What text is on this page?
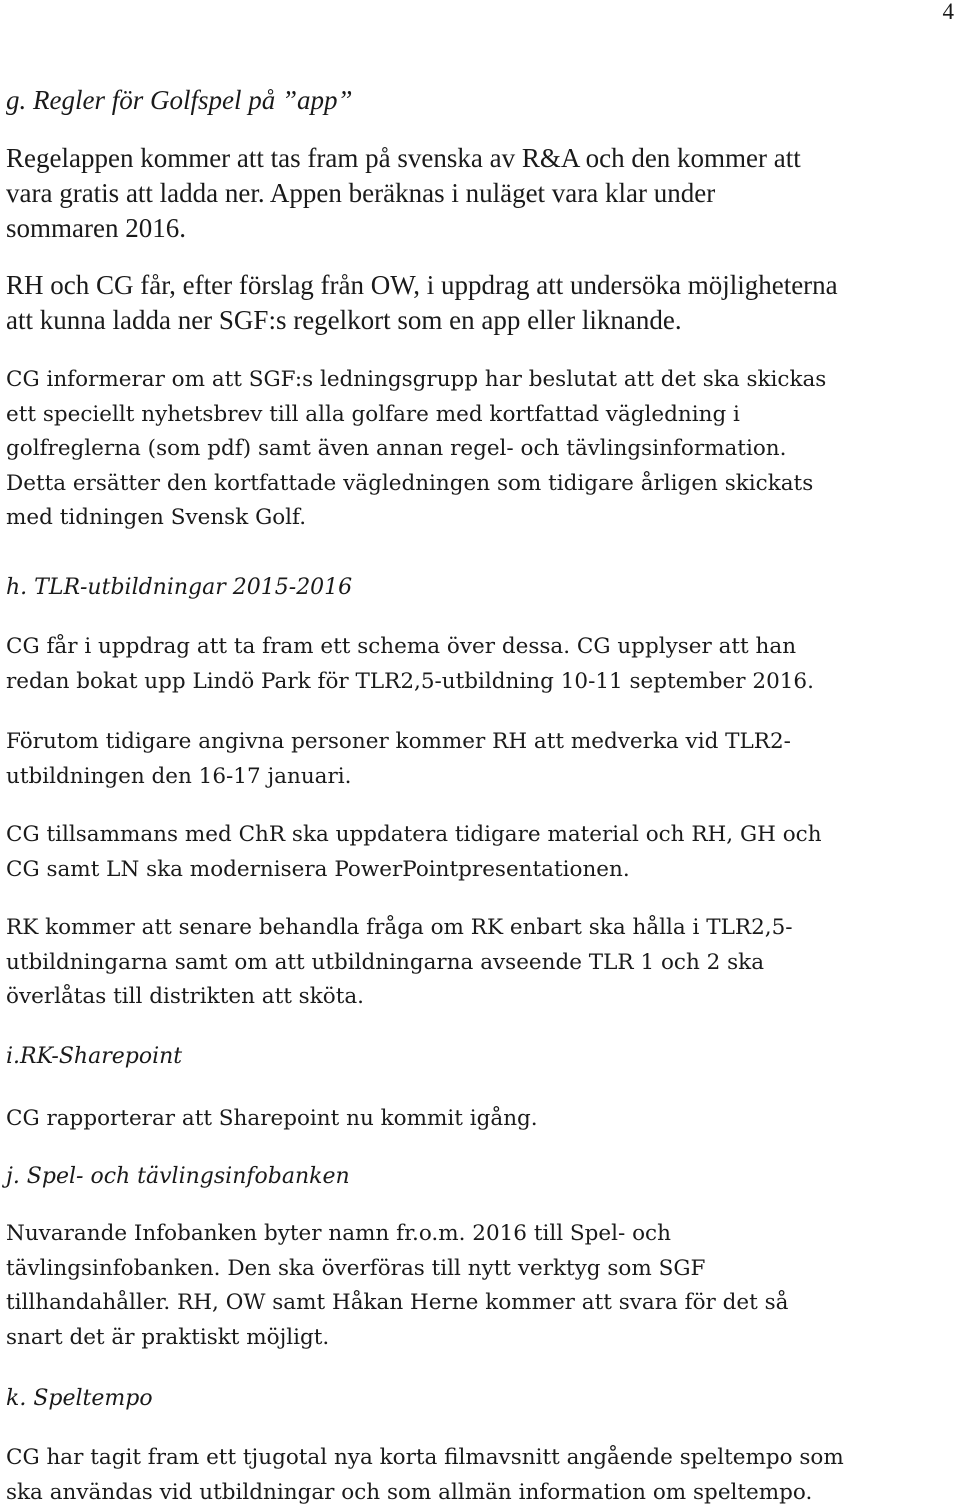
4
g. Regler för Golfspel på ”app”
Regelappen kommer att tas fram på svenska av R&A och den kommer att
vara gratis att ladda ner. Appen beräknas i nuläget vara klar under
sommaren 2016.
RH och CG får, efter förslag från OW, i uppdrag att undersöka möjligheterna
att kunna ladda ner SGF:s regelkort som en app eller liknande.
CG informerar om att SGF:s ledningsgrupp har beslutat att det ska skickas
ett speciellt nyhetsbrev till alla golfare med kortfattad vägledning i
golfreglerna (som pdf) samt även annan regel- och tävlingsinformation.
Detta ersätter den kortfattade vägledningen som tidigare årligen skickats
med tidningen Svensk Golf.
h. TLR-utbildningar 2015-2016
CG får i uppdrag att ta fram ett schema över dessa. CG upplyser att han
redan bokat upp Lindö Park för TLR2,5-utbildning 10-11 september 2016.
Förutom tidigare angivna personer kommer RH att medverka vid TLR2-
utbildningen den 16-17 januari.
CG tillsammans med ChR ska uppdatera tidigare material och RH, GH och
CG samt LN ska modernisera PowerPointpresentationen.
RK kommer att senare behandla fråga om RK enbart ska hålla i TLR2,5-
utbildningarna samt om att utbildningarna avseende TLR 1 och 2 ska
överlåtas till distrikten att sköta.
i.RK-Sharepoint
CG rapporterar att Sharepoint nu kommit igång.
j. Spel- och tävlingsinfobanken
Nuvarande Infobanken byter namn fr.o.m. 2016 till Spel- och
tävlingsinfobanken. Den ska överföras till nytt verktyg som SGF
tillhandahåller. RH, OW samt Håkan Herne kommer att svara för det så
snart det är praktiskt möjligt.
k. Speltempo
CG har tagit fram ett tjugotal nya korta filmavsnitt angående speltempo som
ska användas vid utbildningar och som allmän information om speltempo.
